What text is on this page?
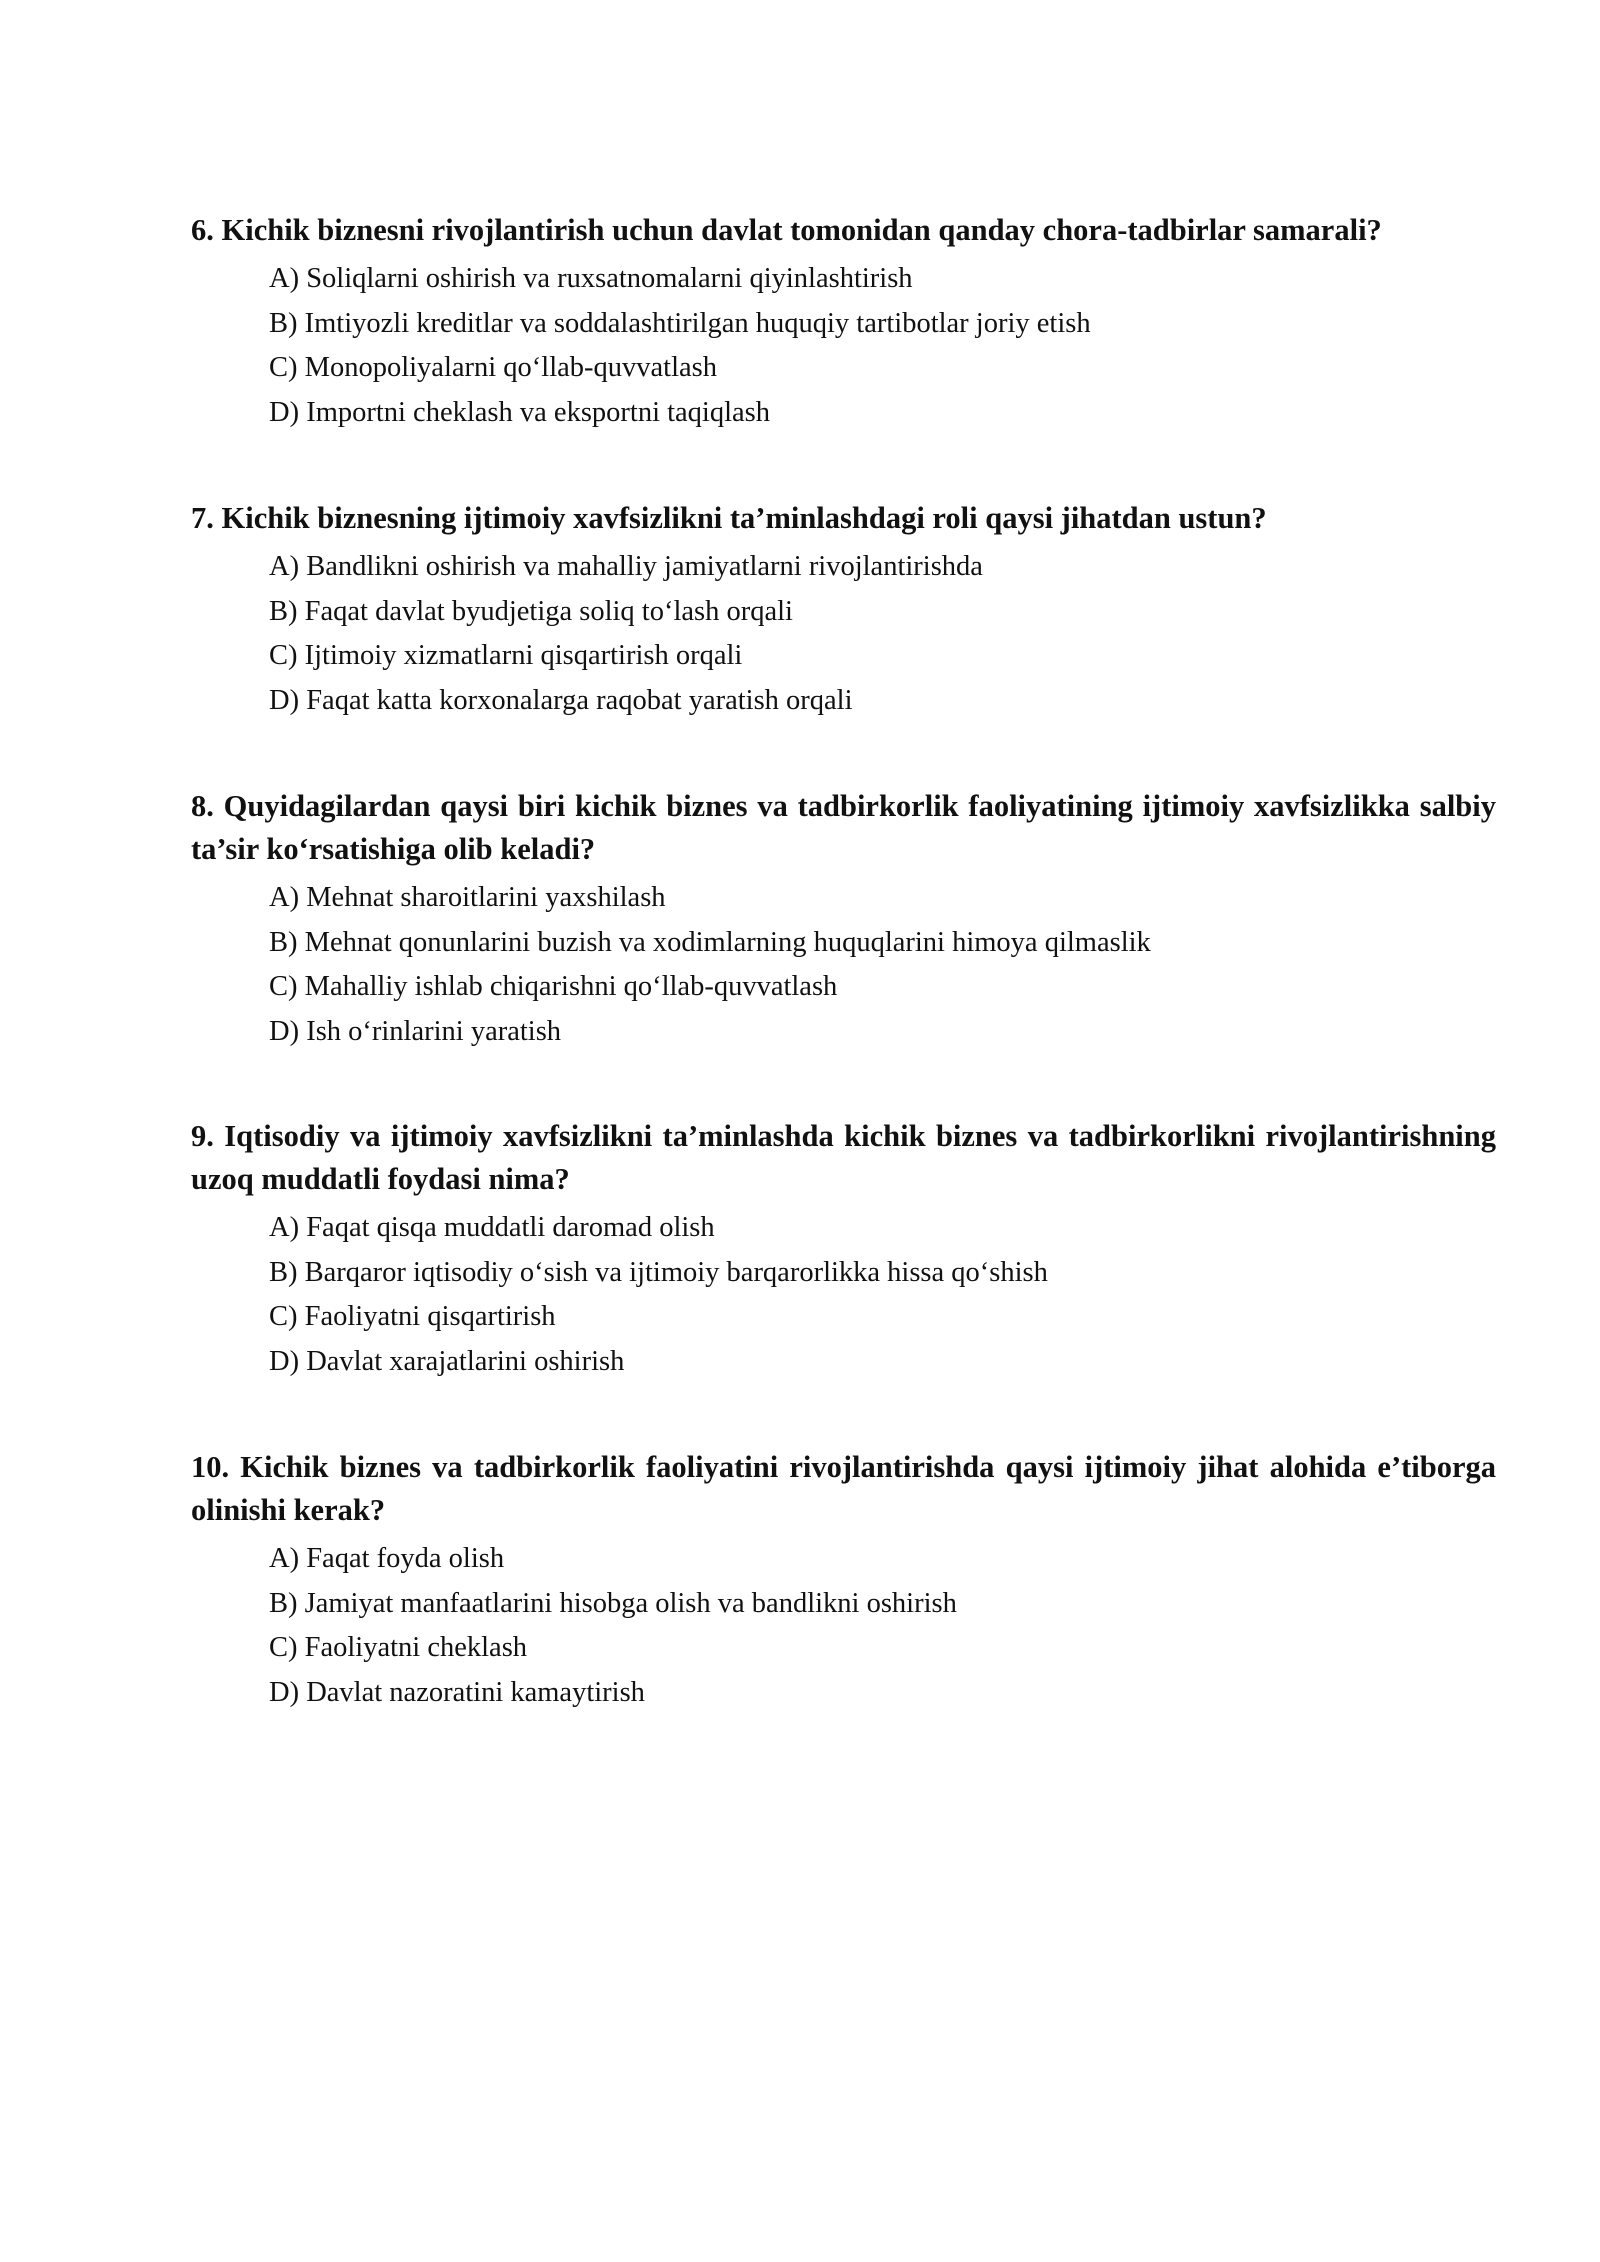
6. Kichik biznesni rivojlantirish uchun davlat tomonidan qanday chora-tadbirlar samarali?

A) Soliqlarni oshirish va ruxsatnomalarni qiyinlashtirish
B) Imtiyozli kreditlar va soddalashtirilgan huquqiy tartibotlar joriy etish
C) Monopoliyalarni qo‘llab-quvvatlash
D) Importni cheklash va eksportni taqiqlash

7. Kichik biznesning ijtimoiy xavfsizlikni ta’minlashdagi roli qaysi jihatdan ustun?

A) Bandlikni oshirish va mahalliy jamiyatlarni rivojlantirishda
B) Faqat davlat byudjetiga soliq to‘lash orqali
C) Ijtimoiy xizmatlarni qisqartirish orqali
D) Faqat katta korxonalarga raqobat yaratish orqali

8. Quyidagilardan qaysi biri kichik biznes va tadbirkorlik faoliyatining ijtimoiy xavfsizlikka salbiy ta’sir ko‘rsatishiga olib keladi?

A) Mehnat sharoitlarini yaxshilash
B) Mehnat qonunlarini buzish va xodimlarning huquqlarini himoya qilmaslik
C) Mahalliy ishlab chiqarishni qo‘llab-quvvatlash
D) Ish o‘rinlarini yaratish

9. Iqtisodiy va ijtimoiy xavfsizlikni ta’minlashda kichik biznes va tadbirkorlikni rivojlantirishning uzoq muddatli foydasi nima?

A) Faqat qisqa muddatli daromad olish
B) Barqaror iqtisodiy o‘sish va ijtimoiy barqarorlikka hissa qo‘shish
C) Faoliyatni qisqartirish
D) Davlat xarajatlarini oshirish

10. Kichik biznes va tadbirkorlik faoliyatini rivojlantirishda qaysi ijtimoiy jihat alohida e’tiborga olinishi kerak?

A) Faqat foyda olish
B) Jamiyat manfaatlarini hisobga olish va bandlikni oshirish
C) Faoliyatni cheklash
D) Davlat nazoratini kamaytirish
